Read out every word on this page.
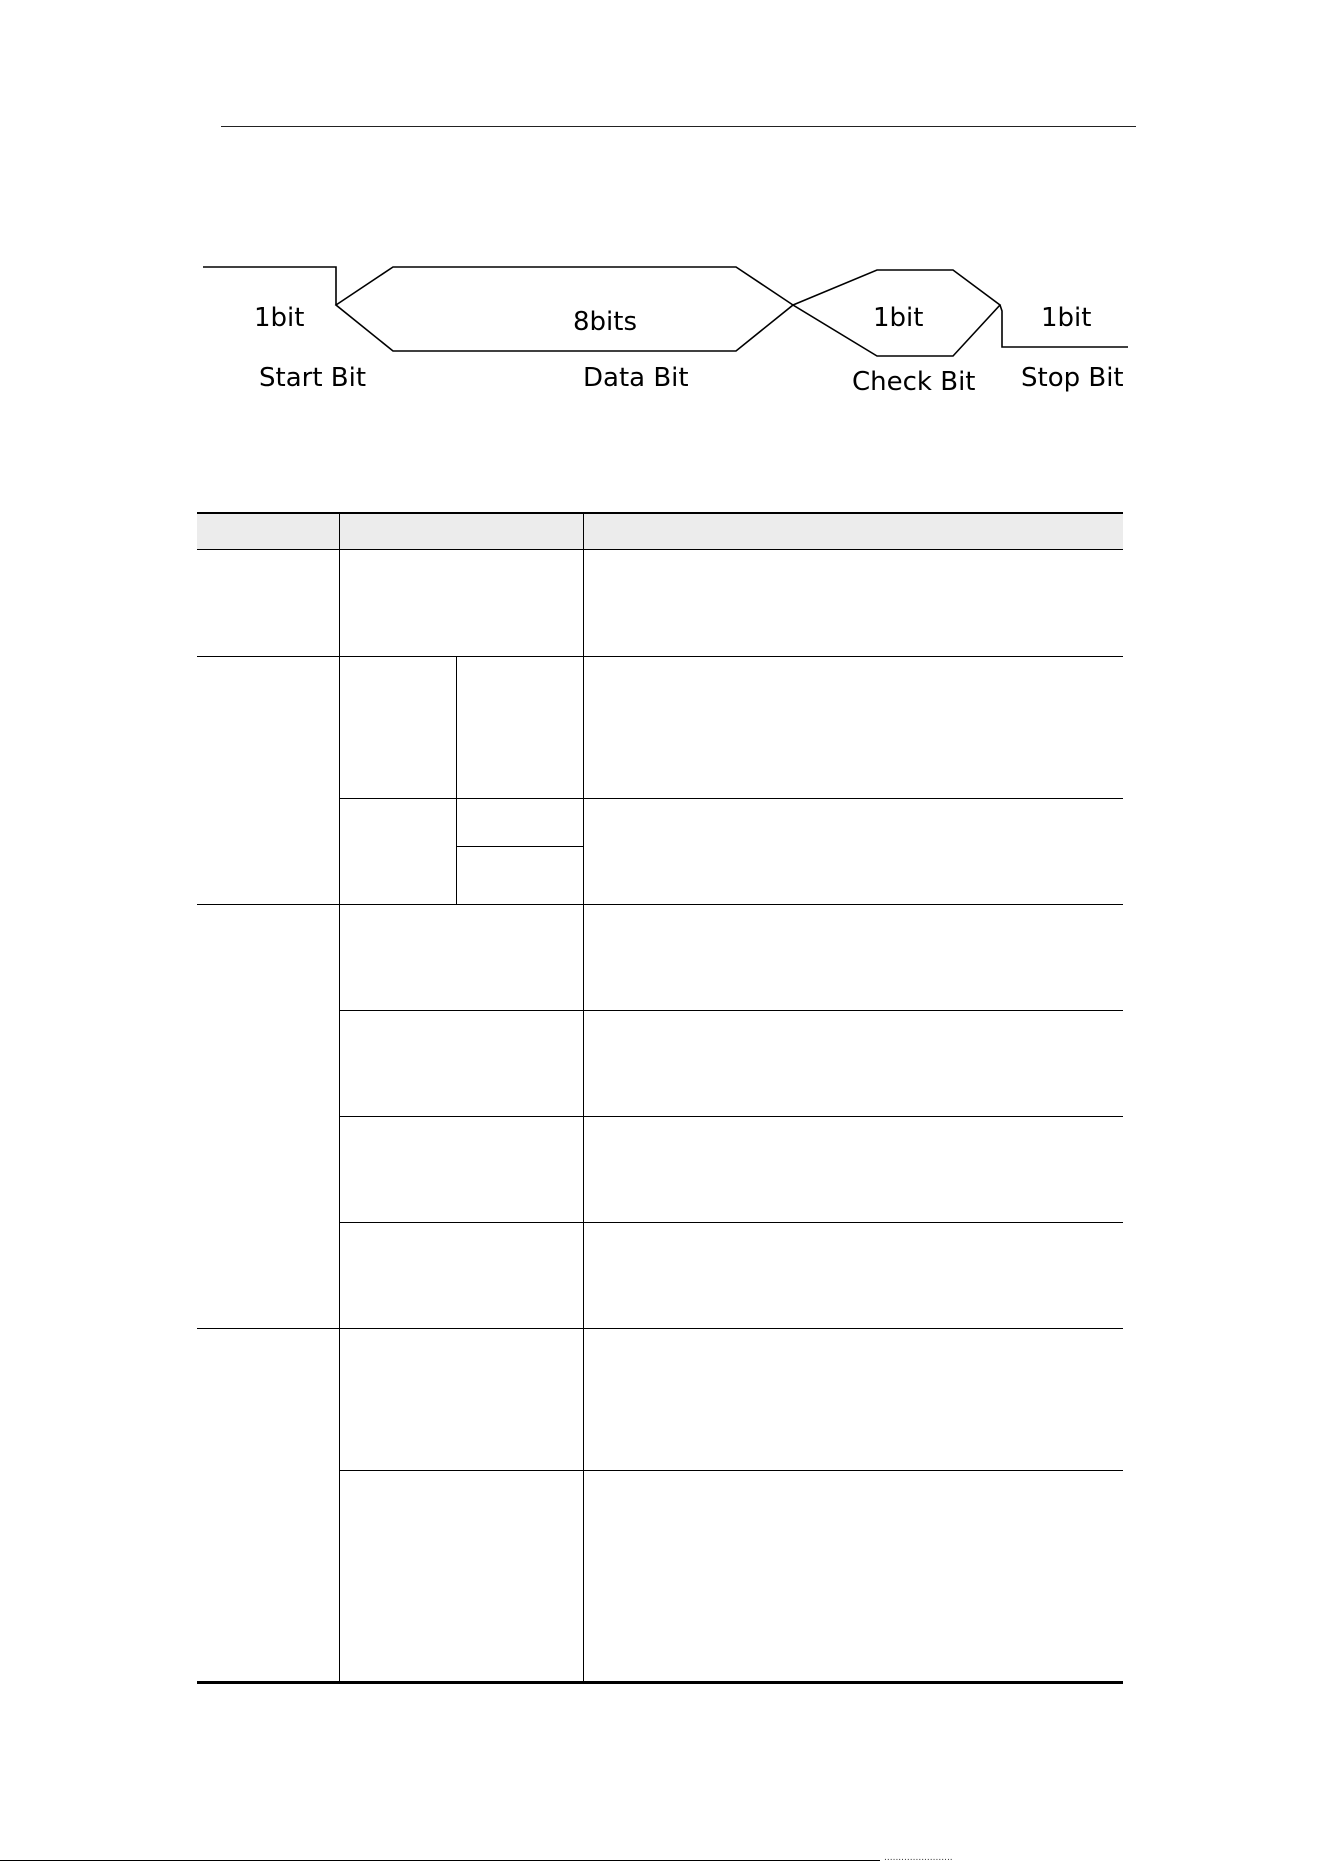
1bit
Start Bit
8bits
Data Bit
1bit
Check Bit
1bit
Stop Bit
........................
